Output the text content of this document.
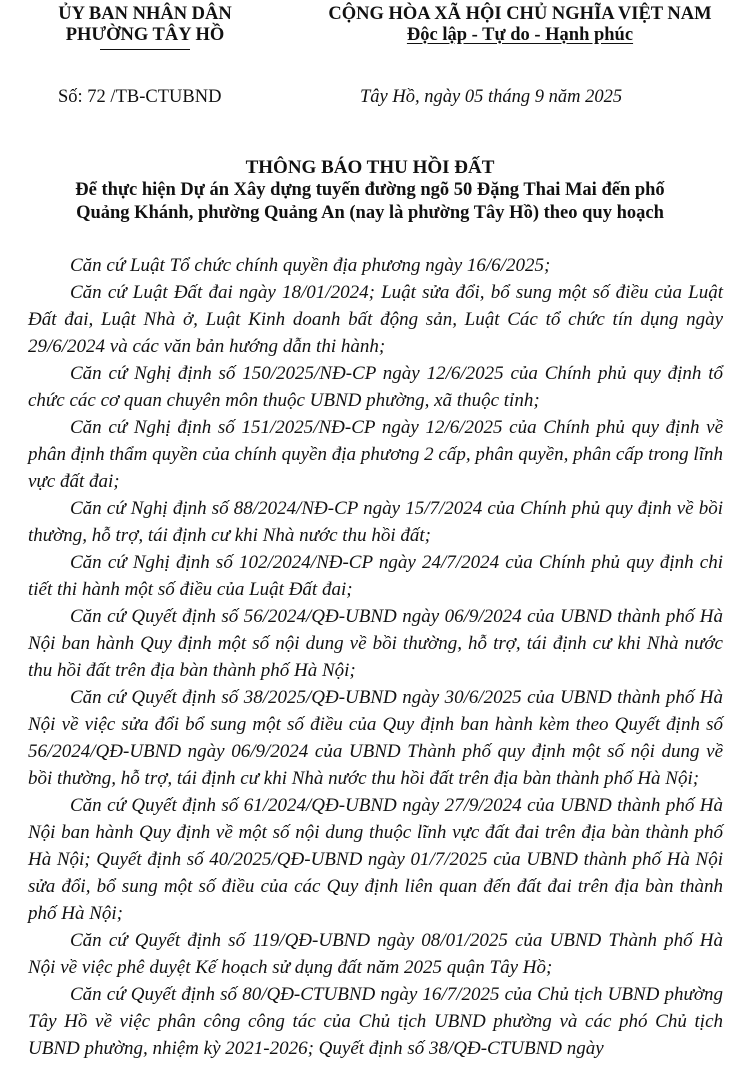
ỦY BAN NHÂN DÂN
PHƯỜNG TÂY HỒ
CỘNG HÒA XÃ HỘI CHỦ NGHĨA VIỆT NAM
Độc lập - Tự do - Hạnh phúc
Số: 72 /TB-CTUBND	Tây Hồ, ngày 05 tháng 9 năm 2025
THÔNG BÁO THU HỒI ĐẤT
Để thực hiện Dự án Xây dựng tuyến đường ngõ 50 Đặng Thai Mai đến phố
Quảng Khánh, phường Quảng An (nay là phường Tây Hồ) theo quy hoạch

Căn cứ Luật Tổ chức chính quyền địa phương ngày 16/6/2025;

Căn cứ Luật Đất đai ngày 18/01/2024; Luật sửa đổi, bổ sung một số điều của Luật Đất đai, Luật Nhà ở, Luật Kinh doanh bất động sản, Luật Các tổ chức tín dụng ngày 29/6/2024 và các văn bản hướng dẫn thi hành;

Căn cứ Nghị định số 150/2025/NĐ-CP ngày 12/6/2025 của Chính phủ quy định tổ chức các cơ quan chuyên môn thuộc UBND phường, xã thuộc tỉnh;

Căn cứ Nghị định số 151/2025/NĐ-CP ngày 12/6/2025 của Chính phủ quy định về phân định thẩm quyền của chính quyền địa phương 2 cấp, phân quyền, phân cấp trong lĩnh vực đất đai;

Căn cứ Nghị định số 88/2024/NĐ-CP ngày 15/7/2024 của Chính phủ quy định về bồi thường, hỗ trợ, tái định cư khi Nhà nước thu hồi đất;

Căn cứ Nghị định số 102/2024/NĐ-CP ngày 24/7/2024 của Chính phủ quy định chi tiết thi hành một số điều của Luật Đất đai;

Căn cứ Quyết định số 56/2024/QĐ-UBND ngày 06/9/2024 của UBND thành phố Hà Nội ban hành Quy định một số nội dung về bồi thường, hỗ trợ, tái định cư khi Nhà nước thu hồi đất trên địa bàn thành phố Hà Nội;

Căn cứ Quyết định số 38/2025/QĐ-UBND ngày 30/6/2025 của UBND thành phố Hà Nội về việc sửa đổi bổ sung một số điều của Quy định ban hành kèm theo Quyết định số 56/2024/QĐ-UBND ngày 06/9/2024 của UBND Thành phố quy định một số nội dung về bồi thường, hỗ trợ, tái định cư khi Nhà nước thu hồi đất trên địa bàn thành phố Hà Nội;

Căn cứ Quyết định số 61/2024/QĐ-UBND ngày 27/9/2024 của UBND thành phố Hà Nội ban hành Quy định về một số nội dung thuộc lĩnh vực đất đai trên địa bàn thành phố Hà Nội; Quyết định số 40/2025/QĐ-UBND ngày 01/7/2025 của UBND thành phố Hà Nội sửa đổi, bổ sung một số điều của các Quy định liên quan đến đất đai trên địa bàn thành phố Hà Nội;

Căn cứ Quyết định số 119/QĐ-UBND ngày 08/01/2025 của UBND Thành phố Hà Nội về việc phê duyệt Kế hoạch sử dụng đất năm 2025 quận Tây Hồ;

Căn cứ Quyết định số 80/QĐ-CTUBND ngày 16/7/2025 của Chủ tịch UBND phường Tây Hồ về việc phân công công tác của Chủ tịch UBND phường và các phó Chủ tịch UBND phường, nhiệm kỳ 2021-2026; Quyết định số 38/QĐ-CTUBND ngày
